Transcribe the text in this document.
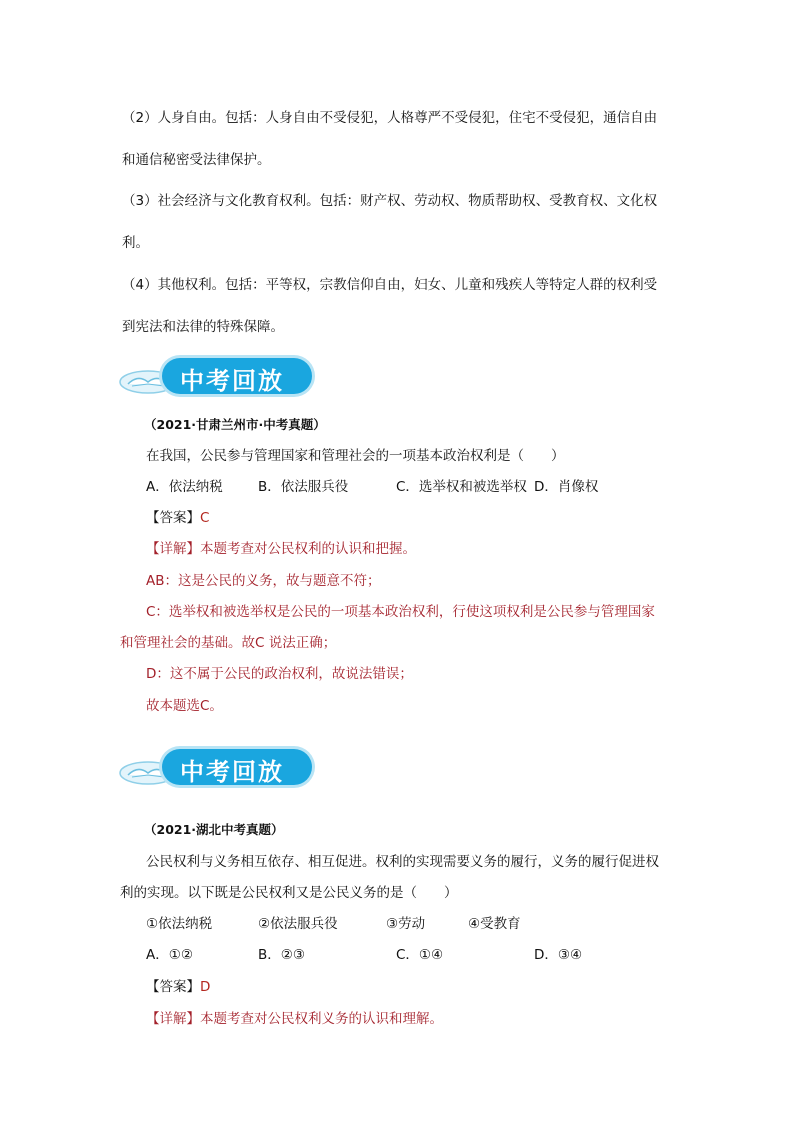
（2）人身自由。包括：人身自由不受侵犯，人格尊严不受侵犯，住宅不受侵犯，通信自由
和通信秘密受法律保护。
（3）社会经济与文化教育权利。包括：财产权、劳动权、物质帮助权、受教育权、文化权
利。
（4）其他权利。包括：平等权，宗教信仰自由，妇女、儿童和残疾人等特定人群的权利受
到宪法和法律的特殊保障。
中考回放
（2021·甘肃兰州市·中考真题）
在我国，公民参与管理国家和管理社会的一项基本政治权利是（　　）
A．依法纳税	B．依法服兵役	C．选举权和被选举权 D．肖像权
【答案】C
【详解】本题考查对公民权利的认识和把握。
AB：这是公民的义务，故与题意不符；
C：选举权和被选举权是公民的一项基本政治权利，行使这项权利是公民参与管理国家
和管理社会的基础。故C 说法正确；
D：这不属于公民的政治权利，故说法错误；
故本题选C。
中考回放
（2021·湖北中考真题）
公民权利与义务相互依存、相互促进。权利的实现需要义务的履行，义务的履行促进权
利的实现。以下既是公民权利又是公民义务的是（　　）
①依法纳税	②依法服兵役	③劳动	④受教育
A．①②	B．②③	C．①④	D．③④
【答案】D
【详解】本题考查对公民权利义务的认识和理解。
